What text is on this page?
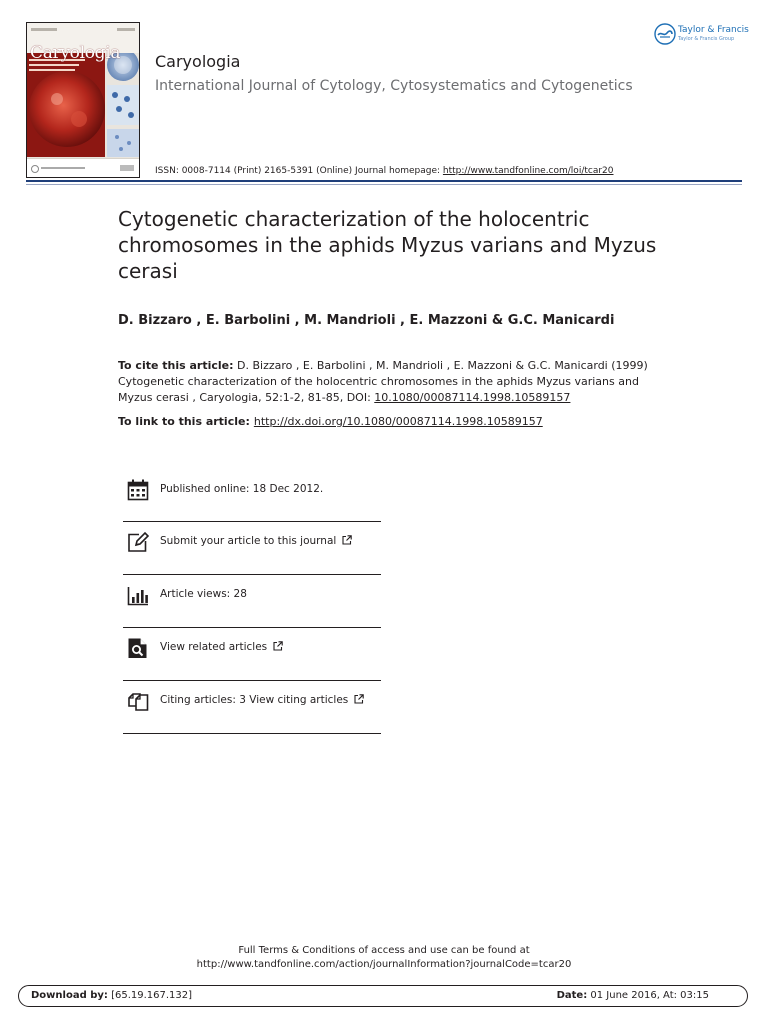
Caryologia Caryologia
International Journal of Cytology, Cytosystematics and Cytogenetics
ISSN: 0008-7114 (Print) 2165-5391 (Online) Journal homepage: http://www.tandfonline.com/loi/tcar20
Taylor & Francis
Taylor & Francis Group
Cytogenetic characterization of the holocentric chromosomes in the aphids Myzus varians and Myzus cerasi
D. Bizzaro , E. Barbolini , M. Mandrioli , E. Mazzoni & G.C. Manicardi
To cite this article: D. Bizzaro , E. Barbolini , M. Mandrioli , E. Mazzoni & G.C. Manicardi (1999) Cytogenetic characterization of the holocentric chromosomes in the aphids Myzus varians and Myzus cerasi , Caryologia, 52:1-2, 81-85, DOI: 10.1080/00087114.1998.10589157
To link to this article: http://dx.doi.org/10.1080/00087114.1998.10589157
Published online: 18 Dec 2012.
Submit your article to this journal
Article views: 28
View related articles
Citing articles: 3 View citing articles
Full Terms & Conditions of access and use can be found at
http://www.tandfonline.com/action/journalInformation?journalCode=tcar20
Download by: [65.19.167.132]	Date: 01 June 2016, At: 03:15
